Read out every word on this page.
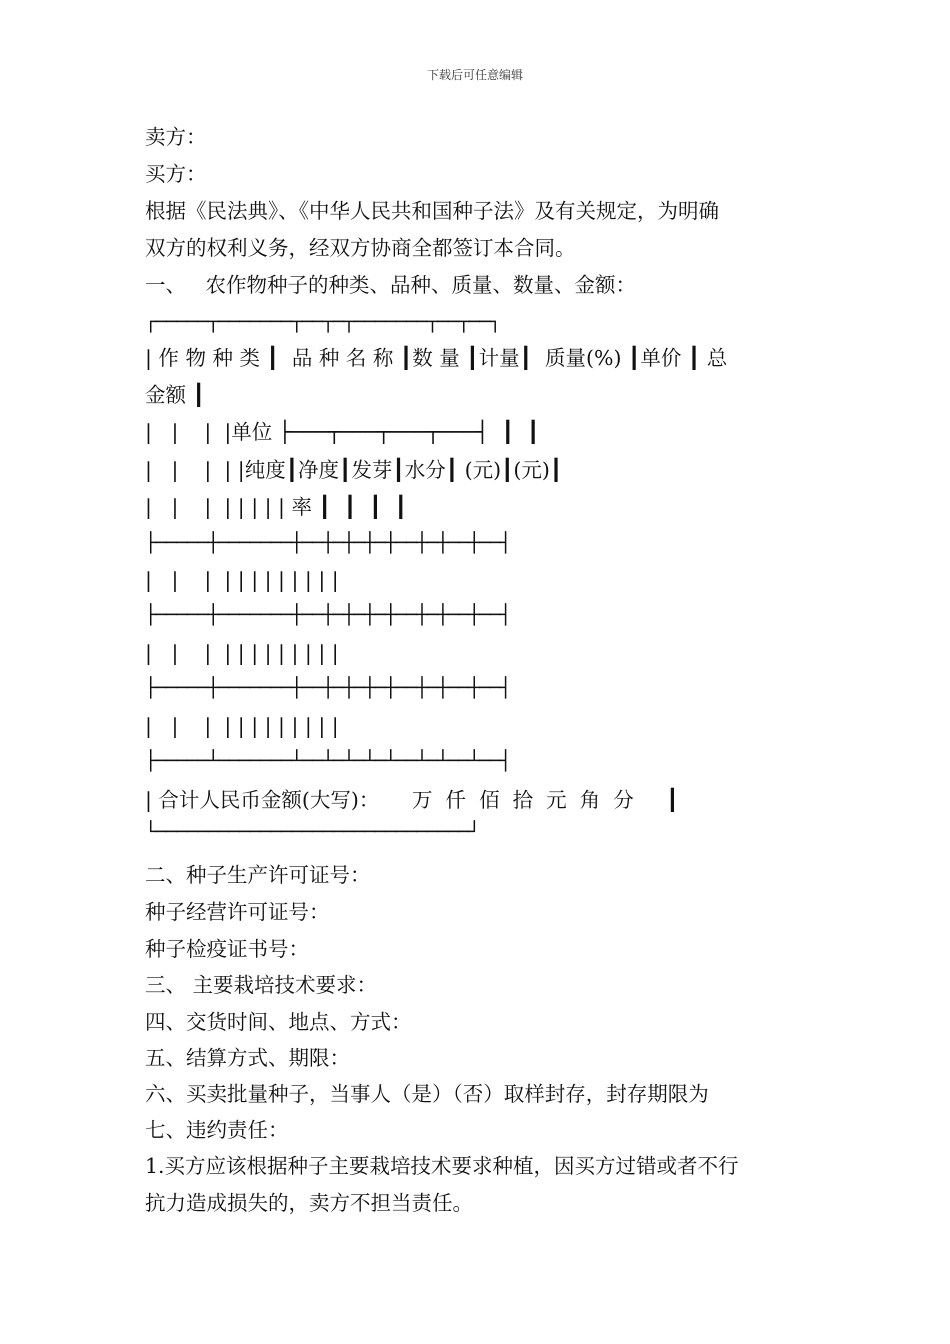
下载后可任意编辑
卖方：
买方：
根据《民法典》、《中华人民共和国种子法》及有关规定，为明确
双方的权利义务，经双方协商全都签订本合同。
一、   农作物种子的种类、品种、质量、数量、金额：
┌─────┬───────┬──┬─┬───────┬──┬──┐
| 作 物 种 类 ┃  品 种 名 称 ┃数 量 ┃计量┃  质量(%) ┃单价 ┃ 总
金额 ┃
|   |    |  |单位 ├───┬───┬───┬───┤  ┃  ┃
|   |    |  | |纯度┃净度┃发芽┃水分┃ (元)┃(元)┃
|   |    |  | | | | | 率 ┃  ┃  ┃  ┃
├─────┼───────┼──┼─┼─┼─┼──┼─┼──┼──┤
|   |    |  | | | | | | | | |
├─────┼───────┼──┼─┼─┼─┼──┼─┼──┼──┤
|   |    |  | | | | | | | | |
├─────┼───────┼──┼─┼─┼─┼──┼─┼──┼──┤
|   |    |  | | | | | | | | |
├─────┴───────┴──┴─┴─┴─┴──┴─┴──┴──┤
| 合计人民币金额(大写)：     万  仟  佰  拾  元  角  分     ┃
└──────────────────────────────┘
二、种子生产许可证号：
种子经营许可证号：
种子检疫证书号：
三、 主要栽培技术要求：
四、交货时间、地点、方式：
五、结算方式、期限：
六、买卖批量种子，当事人（是）（否）取样封存，封存期限为
七、违约责任：
1.买方应该根据种子主要栽培技术要求种植，因买方过错或者不行
抗力造成损失的，卖方不担当责任。
